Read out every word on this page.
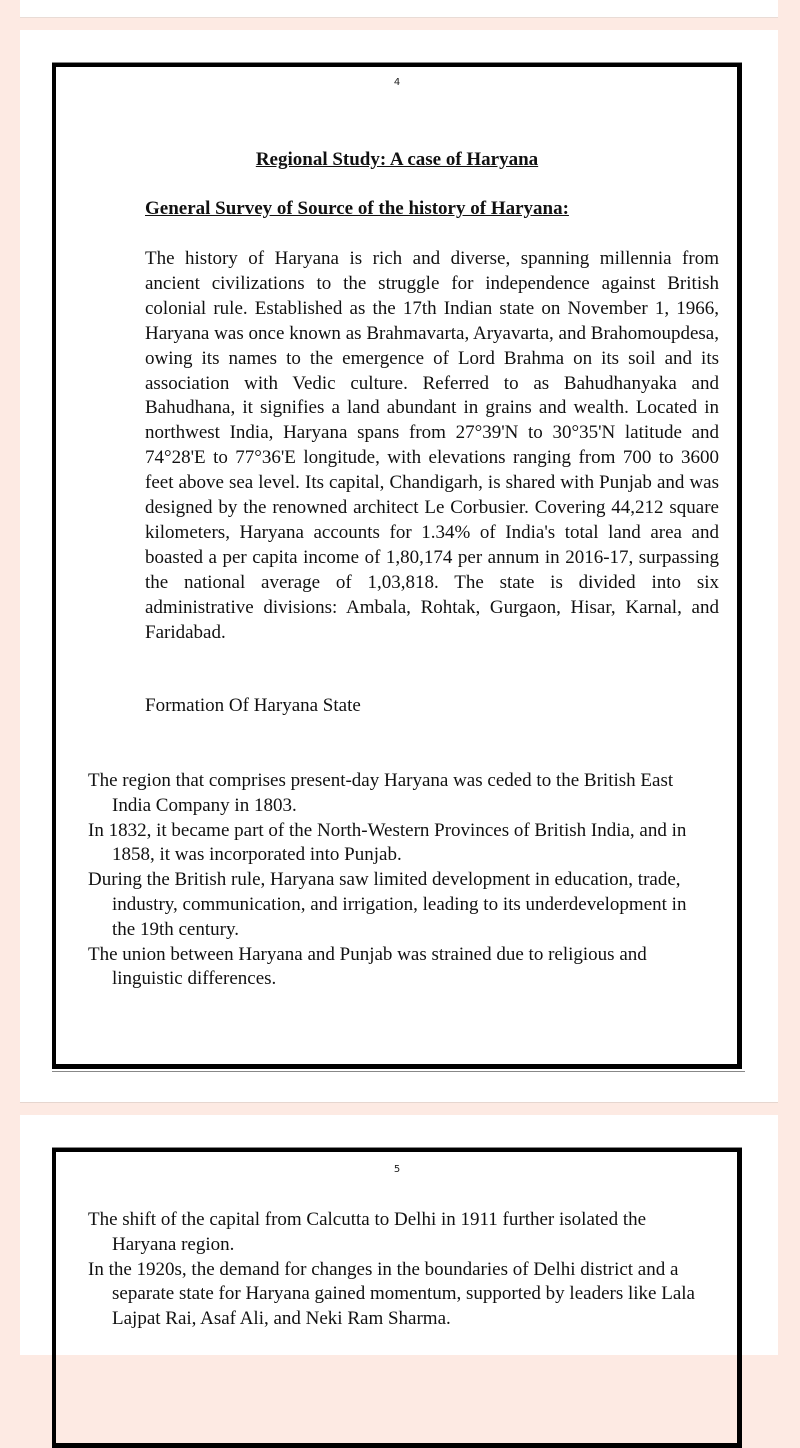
4
Regional Study: A case of Haryana
General Survey of Source of the history of Haryana:
The history of Haryana is rich and diverse, spanning millennia from ancient civilizations to the struggle for independence against British colonial rule. Established as the 17th Indian state on November 1, 1966, Haryana was once known as Brahmavarta, Aryavarta, and Brahomoupdesa, owing its names to the emergence of Lord Brahma on its soil and its association with Vedic culture. Referred to as Bahudhanyaka and Bahudhana, it signifies a land abundant in grains and wealth. Located in northwest India, Haryana spans from 27°39'N to 30°35'N latitude and 74°28'E to 77°36'E longitude, with elevations ranging from 700 to 3600 feet above sea level. Its capital, Chandigarh, is shared with Punjab and was designed by the renowned architect Le Corbusier. Covering 44,212 square kilometers, Haryana accounts for 1.34% of India's total land area and boasted a per capita income of 1,80,174 per annum in 2016-17, surpassing the national average of 1,03,818. The state is divided into six administrative divisions: Ambala, Rohtak, Gurgaon, Hisar, Karnal, and Faridabad.
Formation Of Haryana State
The region that comprises present-day Haryana was ceded to the British East India Company in 1803.
In 1832, it became part of the North-Western Provinces of British India, and in 1858, it was incorporated into Punjab.
During the British rule, Haryana saw limited development in education, trade, industry, communication, and irrigation, leading to its underdevelopment in the 19th century.
The union between Haryana and Punjab was strained due to religious and linguistic differences.
5
The shift of the capital from Calcutta to Delhi in 1911 further isolated the Haryana region.
In the 1920s, the demand for changes in the boundaries of Delhi district and a separate state for Haryana gained momentum, supported by leaders like Lala Lajpat Rai, Asaf Ali, and Neki Ram Sharma.
